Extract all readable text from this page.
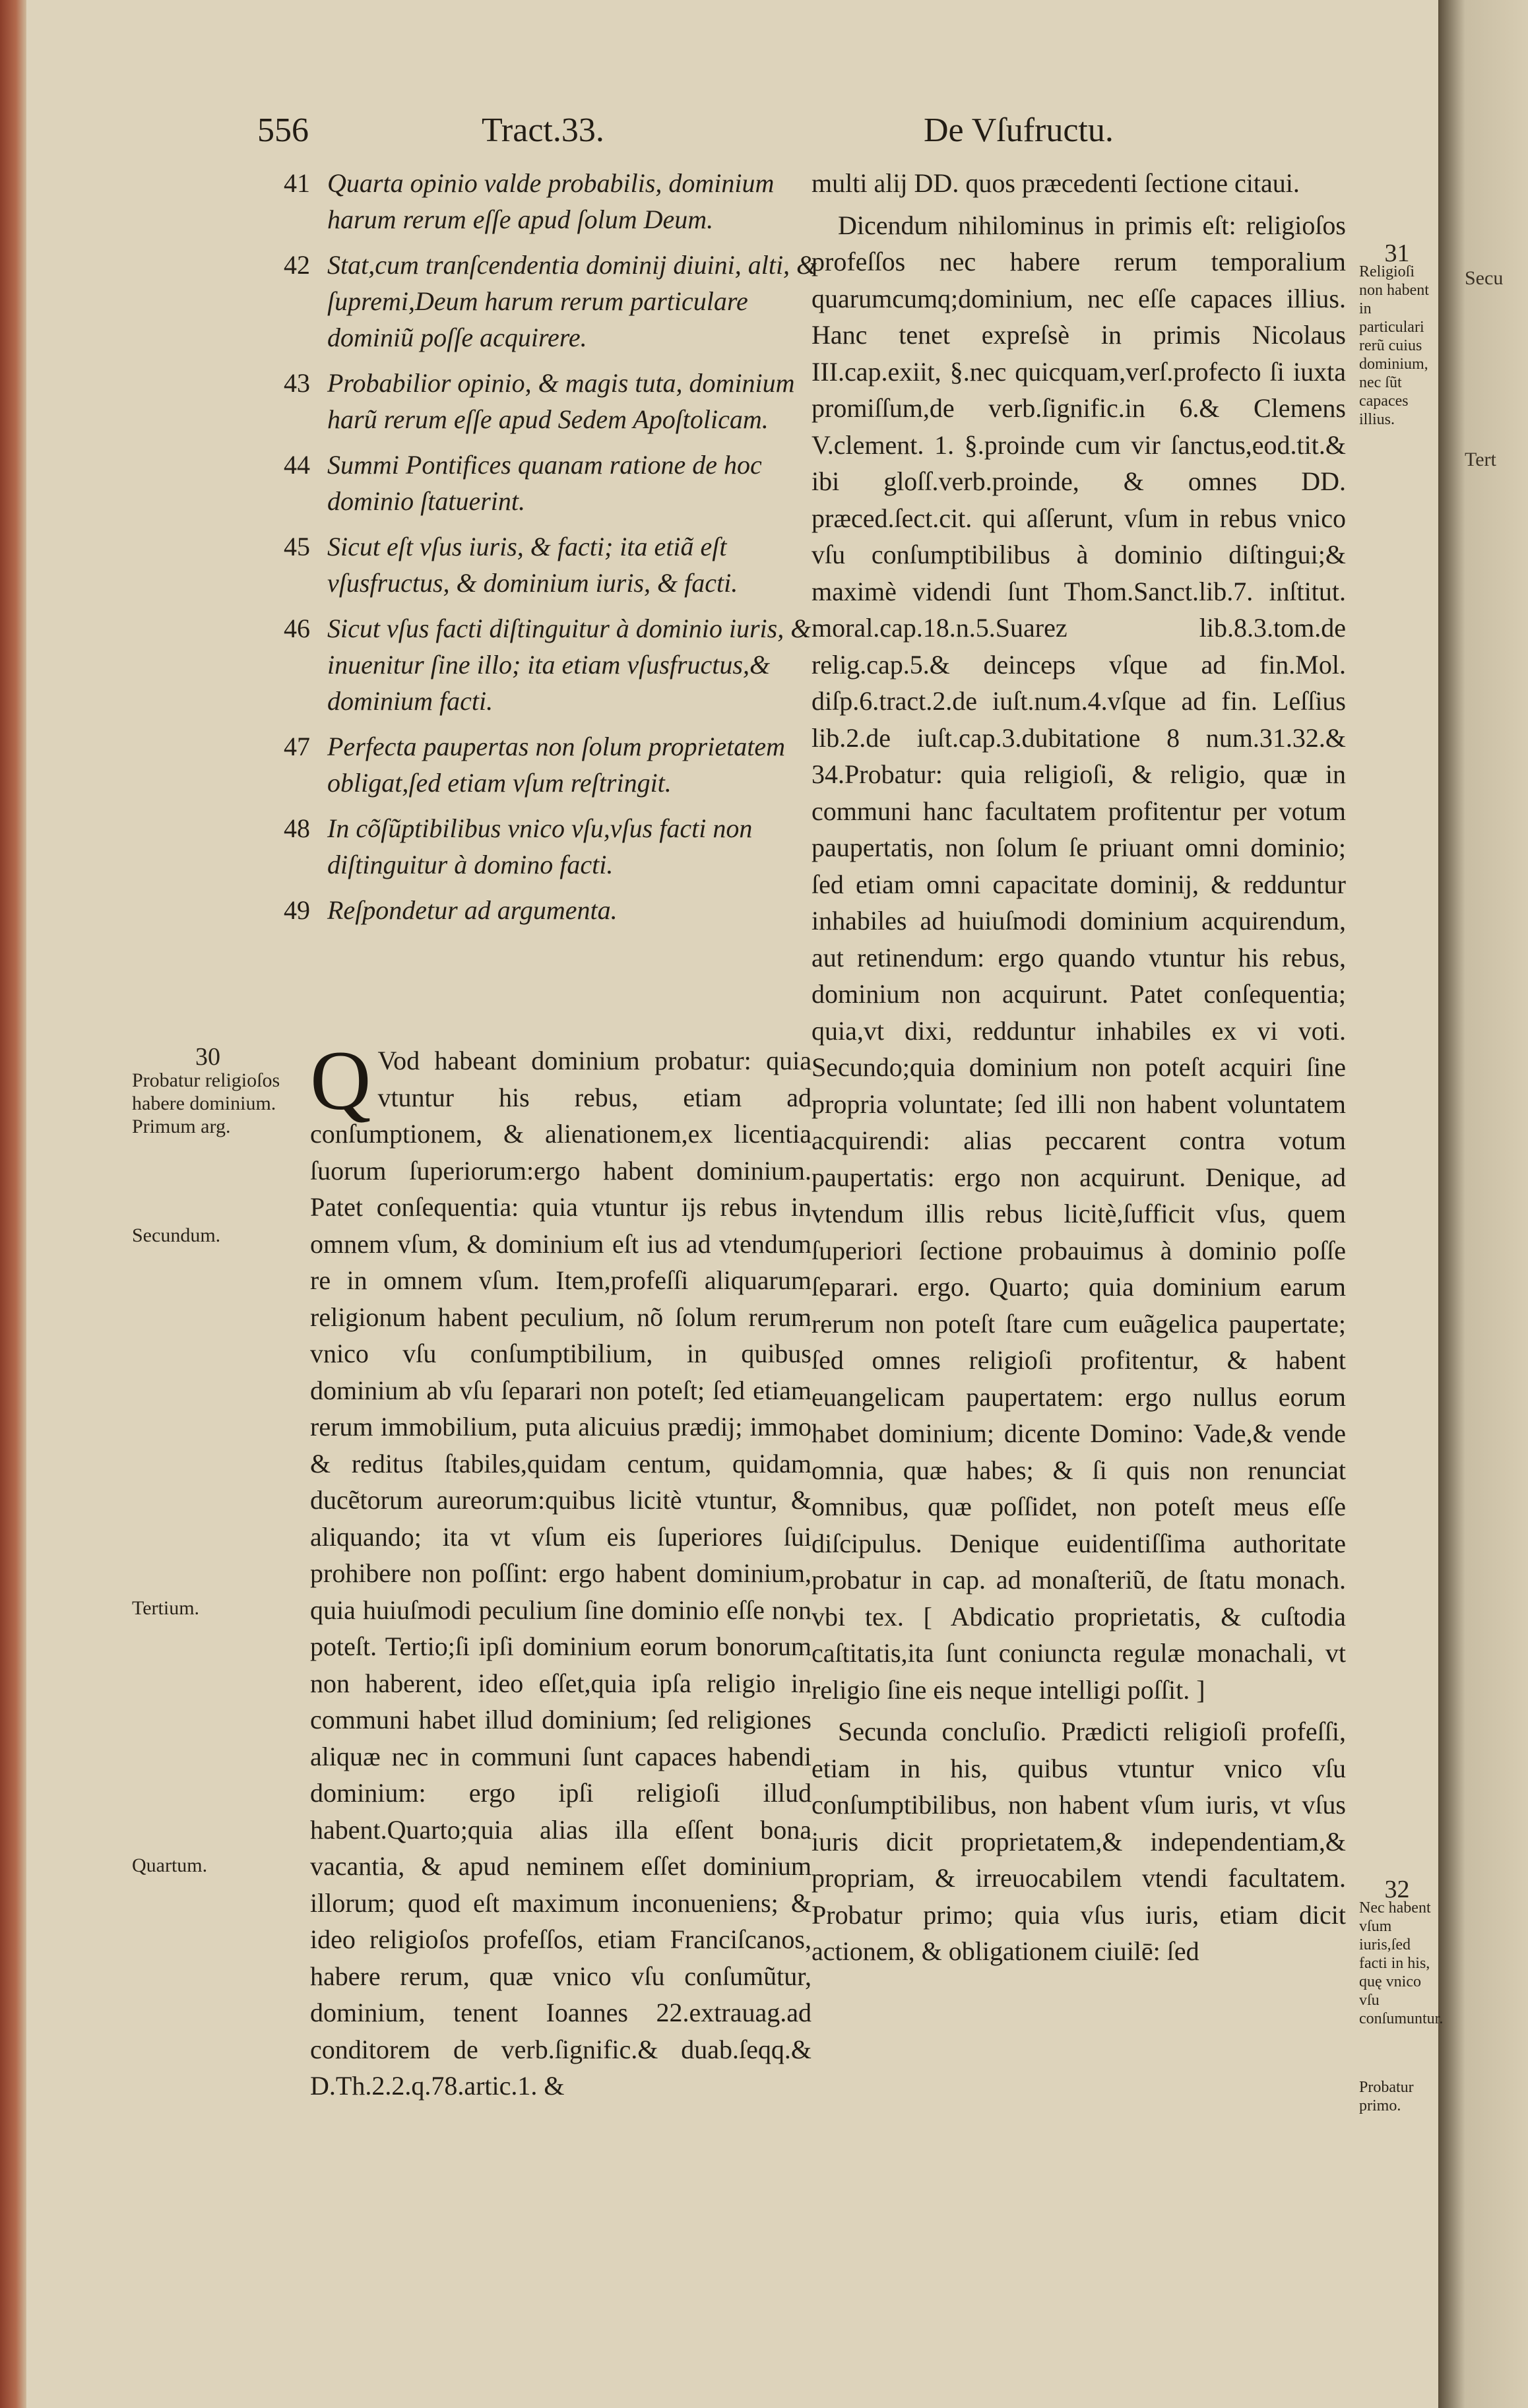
Secu
Tert
556	Tract.33.	De Vſufructu.
41 Quarta opinio valde probabilis, dominium harum rerum eſſe apud ſolum Deum.
42 Stat,cum tranſcendentia dominij diuini, alti, & ſupremi,Deum harum rerum particulare dominiũ poſſe acquirere.
43 Probabilior opinio, & magis tuta, dominium harũ rerum eſſe apud Sedem Apoſtolicam.
44 Summi Pontifices quanam ratione de hoc dominio ſtatuerint.
45 Sicut eſt vſus iuris, & facti; ita etiã eſt vſusfructus, & dominium iuris, & facti.
46 Sicut vſus facti diſtinguitur à dominio iuris, & inuenitur ſine illo; ita etiam vſusfructus,& dominium facti.
47 Perfecta paupertas non ſolum proprietatem obligat,ſed etiam vſum reſtringit.
48 In cõſũptibilibus vnico vſu,vſus facti non diſtinguitur à domino facti.
49 Reſpondetur ad argumenta.

Q Vod habeant dominium probatur: quia vtuntur his rebus, etiam ad conſumptionem, & alienationem,ex licentia ſuorum ſuperiorum:ergo habent dominium. Patet conſequentia: quia vtuntur ijs rebus in omnem vſum, & dominium eſt ius ad vtendum re in omnem vſum. Item,profeſſi aliquarum religionum habent peculium, nõ ſolum rerum vnico vſu conſumptibilium, in quibus dominium ab vſu ſeparari non poteſt; ſed etiam rerum immobilium, puta alicuius prædij; immo & reditus ſtabiles,quidam centum, quidam ducẽtorum aureorum:quibus licitè vtuntur, & aliquando; ita vt vſum eis ſuperiores ſui prohibere non poſſint: ergo habent dominium, quia huiuſmodi peculium ſine dominio eſſe non poteſt. Tertio;ſi ipſi dominium eorum bonorum non haberent, ideo eſſet,quia ipſa religio in communi habet illud dominium; ſed religiones aliquæ nec in communi ſunt capaces habendi dominium: ergo ipſi religioſi illud habent.Quarto;quia alias illa eſſent bona vacantia, & apud neminem eſſet dominium illorum; quod eſt maximum inconueniens; & ideo religioſos profeſſos, etiam Franciſcanos, habere rerum, quæ vnico vſu conſumũtur, dominium, tenent Ioannes 22.extrauag.ad conditorem de verb.ſignific.& duab.ſeqq.& D.Th.2.2.q.78.artic.1. &

multi alij DD. quos præcedenti ſectione citaui.

Dicendum nihilominus in primis eſt: religioſos profeſſos nec habere rerum temporalium quarumcumq;dominium, nec eſſe capaces illius. Hanc tenet expreſsè in primis Nicolaus III.cap.exiit, §.nec quicquam,verſ.profecto ſi iuxta promiſſum,de verb.ſignific.in 6.& Clemens V.clement. 1. §.proinde cum vir ſanctus,eod.tit.& ibi gloſſ.verb.proinde, & omnes DD. præced.ſect.cit. qui aſſerunt, vſum in rebus vnico vſu conſumptibilibus à dominio diſtingui;& maximè videndi ſunt Thom.Sanct.lib.7. inſtitut. moral.cap.18.n.5.Suarez lib.8.3.tom.de relig.cap.5.& deinceps vſque ad fin.Mol. diſp.6.tract.2.de iuſt.num.4.vſque ad fin. Leſſius lib.2.de iuſt.cap.3.dubitatione 8 num.31.32.& 34.Probatur: quia religioſi, & religio, quæ in communi hanc facultatem profitentur per votum paupertatis, non ſolum ſe priuant omni dominio; ſed etiam omni capacitate dominij, & redduntur inhabiles ad huiuſmodi dominium acquirendum, aut retinendum: ergo quando vtuntur his rebus, dominium non acquirunt. Patet conſequentia; quia,vt dixi, redduntur inhabiles ex vi voti. Secundo;quia dominium non poteſt acquiri ſine propria voluntate; ſed illi non habent voluntatem acquirendi: alias peccarent contra votum paupertatis: ergo non acquirunt. Denique, ad vtendum illis rebus licitè,ſufficit vſus, quem ſuperiori ſectione probauimus à dominio poſſe ſeparari. ergo. Quarto; quia dominium earum rerum non poteſt ſtare cum euãgelica paupertate; ſed omnes religioſi profitentur, & habent euangelicam paupertatem: ergo nullus eorum habet dominium; dicente Domino: Vade,& vende omnia, quæ habes; & ſi quis non renunciat omnibus, quæ poſſidet, non poteſt meus eſſe diſcipulus. Denique euidentiſſima authoritate probatur in cap. ad monaſteriũ, de ſtatu monach. vbi tex. [ Abdicatio proprietatis, & cuſtodia caſtitatis,ita ſunt coniuncta regulæ monachali, vt religio ſine eis neque intelligi poſſit. ]

Secunda concluſio. Prædicti religioſi profeſſi, etiam in his, quibus vtuntur vnico vſu conſumptibilibus, non habent vſum iuris, vt vſus iuris dicit proprietatem,& independentiam,& propriam, & irreuocabilem vtendi facultatem. Probatur primo; quia vſus iuris, etiam dicit actionem, & obligationem ciuilē: ſed

30
Probatur religioſos habere dominium. Primum arg.
Secundum.
Tertium.
Quartum.
31
Religioſi non habent in particulari rerũ cuius dominium, nec ſũt capaces illius.
32
Nec habent vſum iuris,ſed facti in his, quę vnico vſu conſumuntur.
Probatur primo.
